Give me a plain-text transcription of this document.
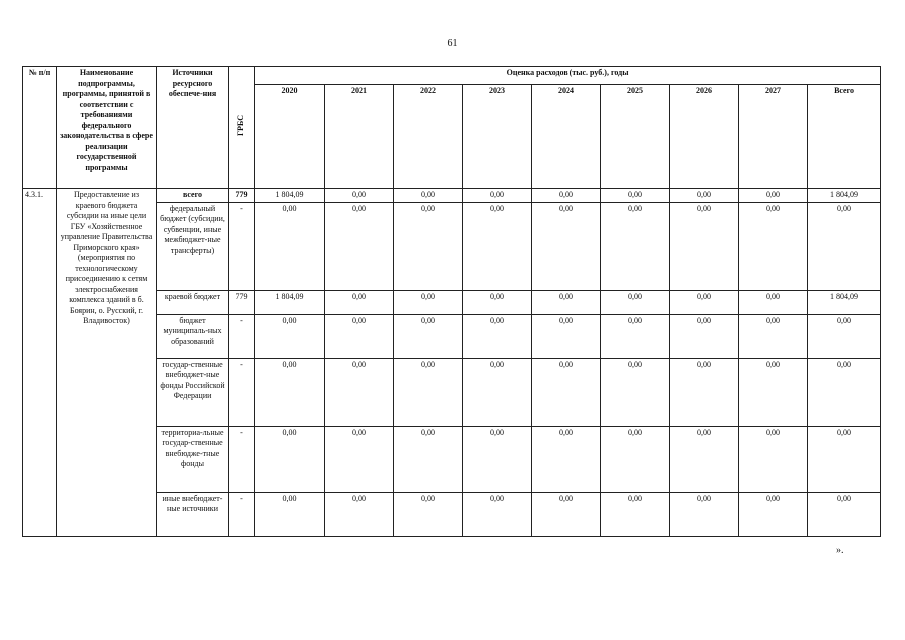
61
№ п/п	Наименование подпрограммы, программы, принятой в соответствии с требованиями федерального законодательства в сфере реализации государственной программы	Источники ресурсного обеспече-ния	ГРБС	Оценка расходов (тыс. руб.), годы								
				2020	2021	2022	2023	2024	2025	2026	2027	Всего
4.3.1.	Предоставление из краевого бюджета субсидии на иные цели ГБУ «Хозяйственное управление Правительства Приморского края» (мероприятия по технологическому присоединению к сетям электроснабжения комплекса зданий в б. Боярин, о. Русский, г. Владивосток)	всего	779	1 804,09	0,00	0,00	0,00	0,00	0,00	0,00	0,00	1 804,09
		федеральный бюджет (субсидии, субвенции, иные межбюджет-ные трансферты)	-	0,00	0,00	0,00	0,00	0,00	0,00	0,00	0,00	0,00
		краевой бюджет	779	1 804,09	0,00	0,00	0,00	0,00	0,00	0,00	0,00	1 804,09
		бюджет муниципаль-ных образований	-	0,00	0,00	0,00	0,00	0,00	0,00	0,00	0,00	0,00
		государ-ственные внебюджет-ные фонды Российской Федерации	-	0,00	0,00	0,00	0,00	0,00	0,00	0,00	0,00	0,00
		территориа-льные государ-ственные внебюдже-тные фонды	-	0,00	0,00	0,00	0,00	0,00	0,00	0,00	0,00	0,00
		иные внебюджет-ные источники	-	0,00	0,00	0,00	0,00	0,00	0,00	0,00	0,00	0,00
».
